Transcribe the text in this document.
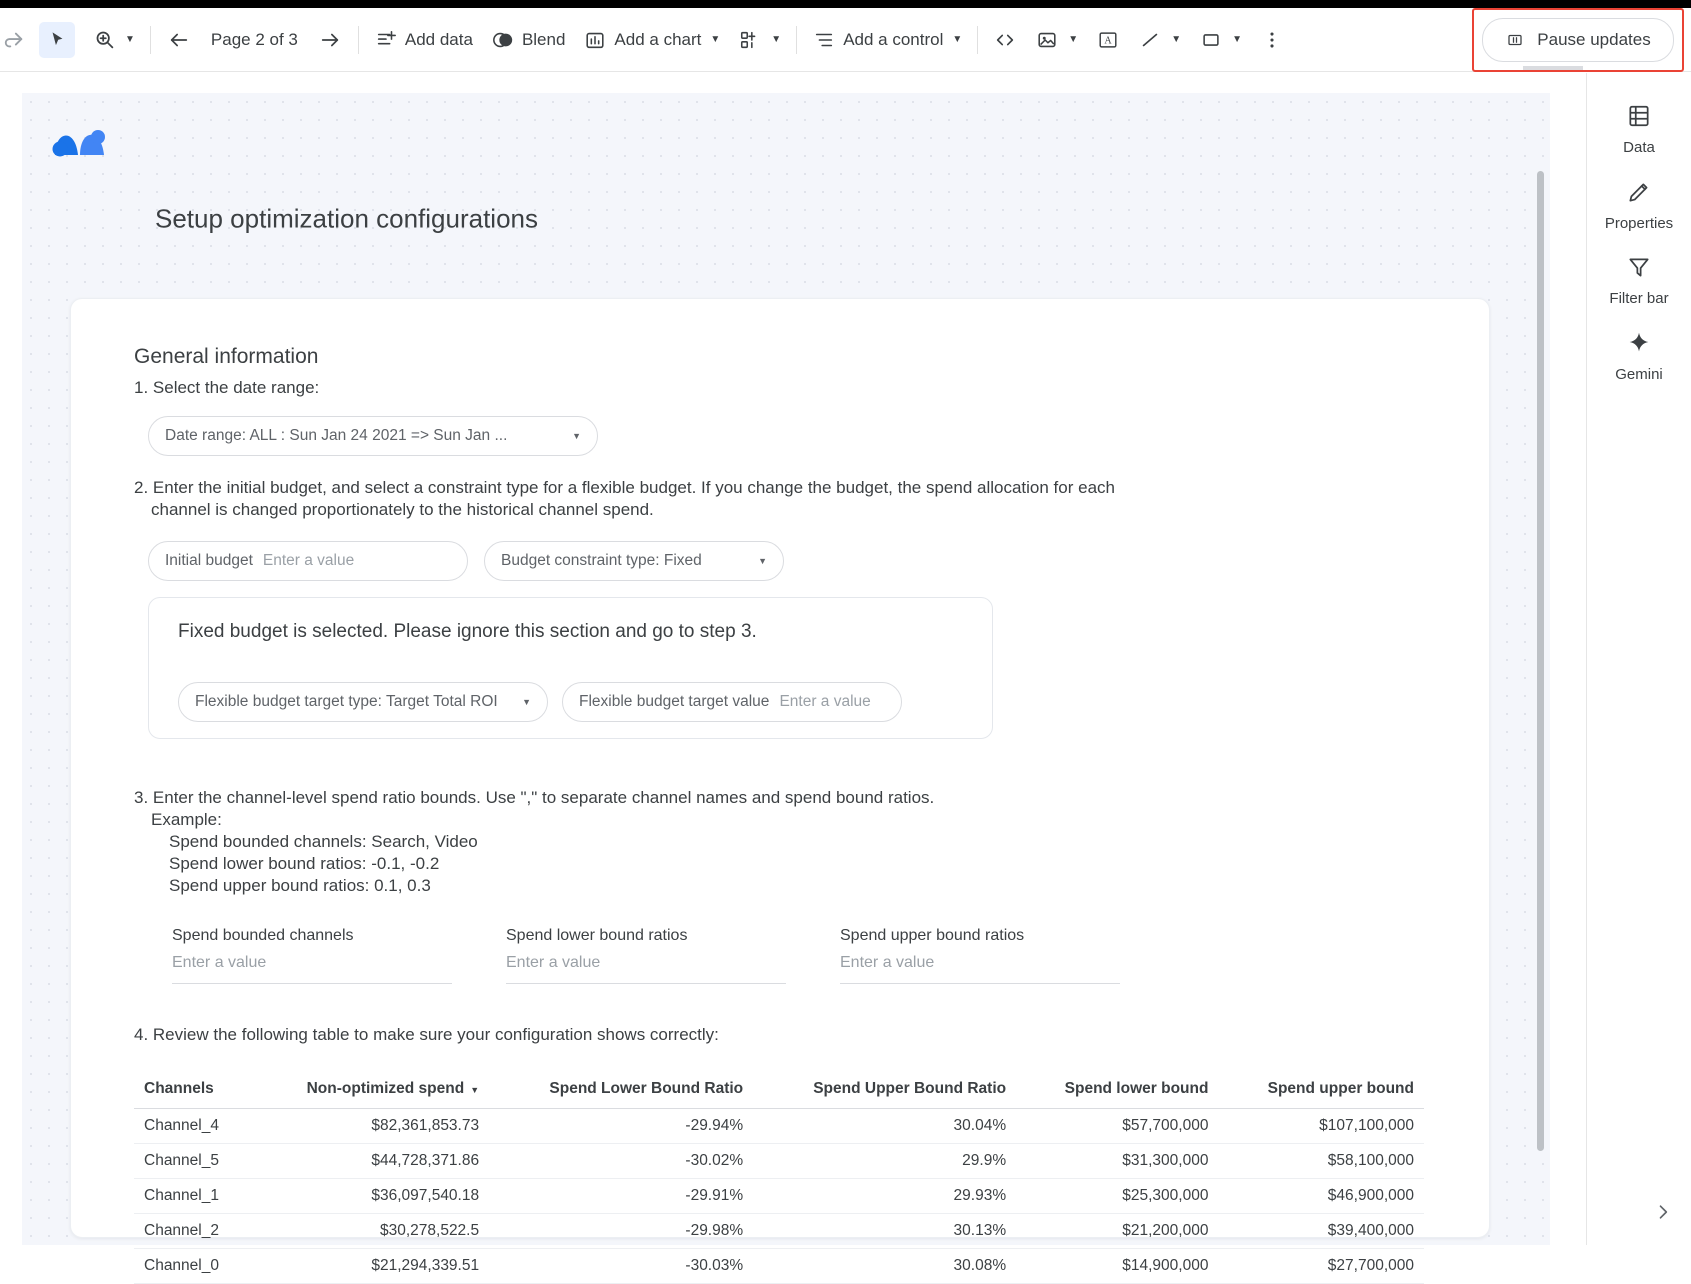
▼	Page 2 of 3	Add data	Blend	Add a chart ▼	▼	Add a control ▼	▼ A	▼	▼	Pause updates
Setup optimization configurations
General information
1. Select the date range:
Date range: ALL : Sun Jan 24 2021 => Sun Jan ...	▼
2. Enter the initial budget, and select a constraint type for a flexible budget. If you change the budget, the spend allocation for each
channel is changed proportionately to the historical channel spend.
Initial budget Enter a value	Budget constraint type: Fixed	▼
Fixed budget is selected. Please ignore this section and go to step 3.
Flexible budget target type: Target Total ROI	▼	Flexible budget target value Enter a value
3. Enter the channel-level spend ratio bounds. Use "," to separate channel names and spend bound ratios.
Example:
Spend bounded channels: Search, Video
Spend lower bound ratios: -0.1, -0.2
Spend upper bound ratios: 0.1, 0.3
Spend bounded channels
Enter a value
Spend lower bound ratios
Enter a value
Spend upper bound ratios
Enter a value
4. Review the following table to make sure your configuration shows correctly:
Channels	Non-optimized spend ▼	Spend Lower Bound Ratio	Spend Upper Bound Ratio	Spend lower bound	Spend upper bound
Channel_4	$82,361,853.73	-29.94%	30.04%	$57,700,000	$107,100,000
Channel_5	$44,728,371.86	-30.02%	29.9%	$31,300,000	$58,100,000
Channel_1	$36,097,540.18	-29.91%	29.93%	$25,300,000	$46,900,000
Channel_2	$30,278,522.5	-29.98%	30.13%	$21,200,000	$39,400,000
Channel_0	$21,294,339.51	-30.03%	30.08%	$14,900,000	$27,700,000
Data
Properties
Filter bar
Gemini
